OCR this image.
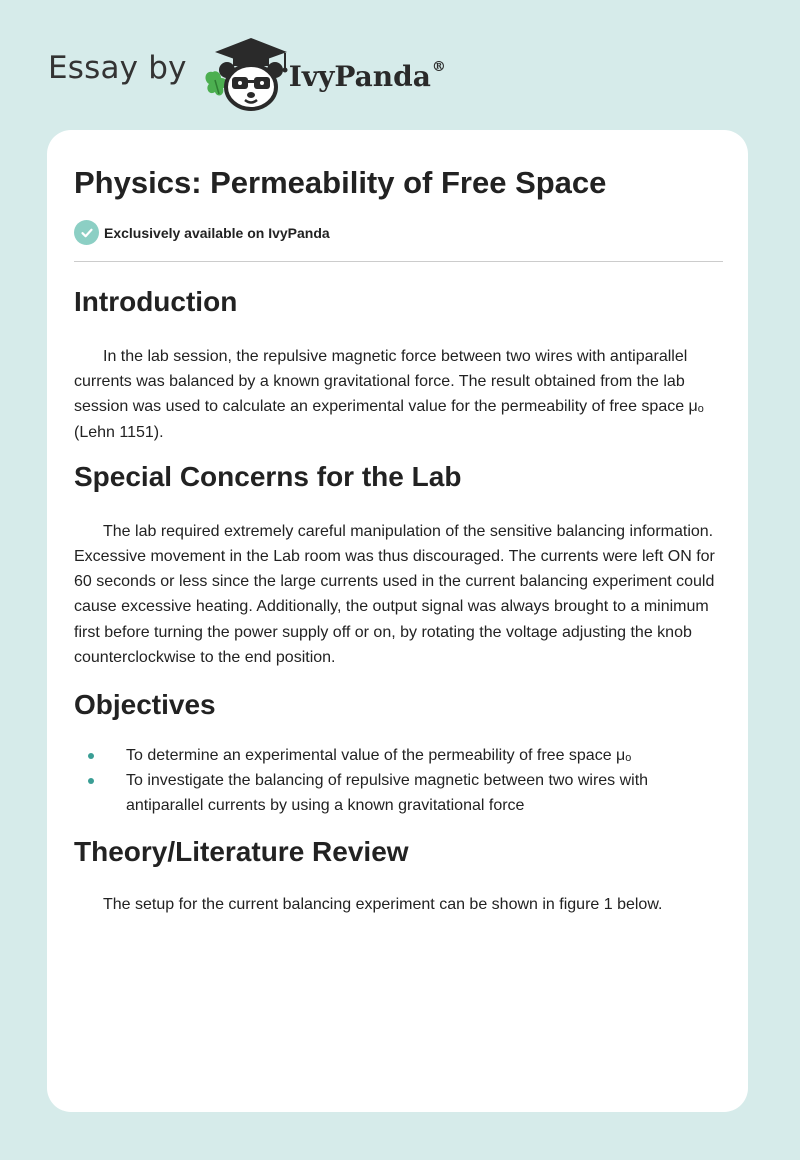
Essay by	IvyPanda®
Physics: Permeability of Free Space
Exclusively available on IvyPanda
Introduction

In the lab session, the repulsive magnetic force between two wires with antiparallel currents was balanced by a known gravitational force. The result obtained from the lab session was used to calculate an experimental value for the permeability of free space μₒ (Lehn 1151).

Special Concerns for the Lab

The lab required extremely careful manipulation of the sensitive balancing information. Excessive movement in the Lab room was thus discouraged. The currents were left ON for 60 seconds or less since the large currents used in the current balancing experiment could cause excessive heating. Additionally, the output signal was always brought to a minimum first before turning the power supply off or on, by rotating the voltage adjusting the knob counterclockwise to the end position.

Objectives
To determine an experimental value of the permeability of free space μₒ
To investigate the balancing of repulsive magnetic between two wires with antiparallel currents by using a known gravitational force
Theory/Literature Review

The setup for the current balancing experiment can be shown in figure 1 below.
